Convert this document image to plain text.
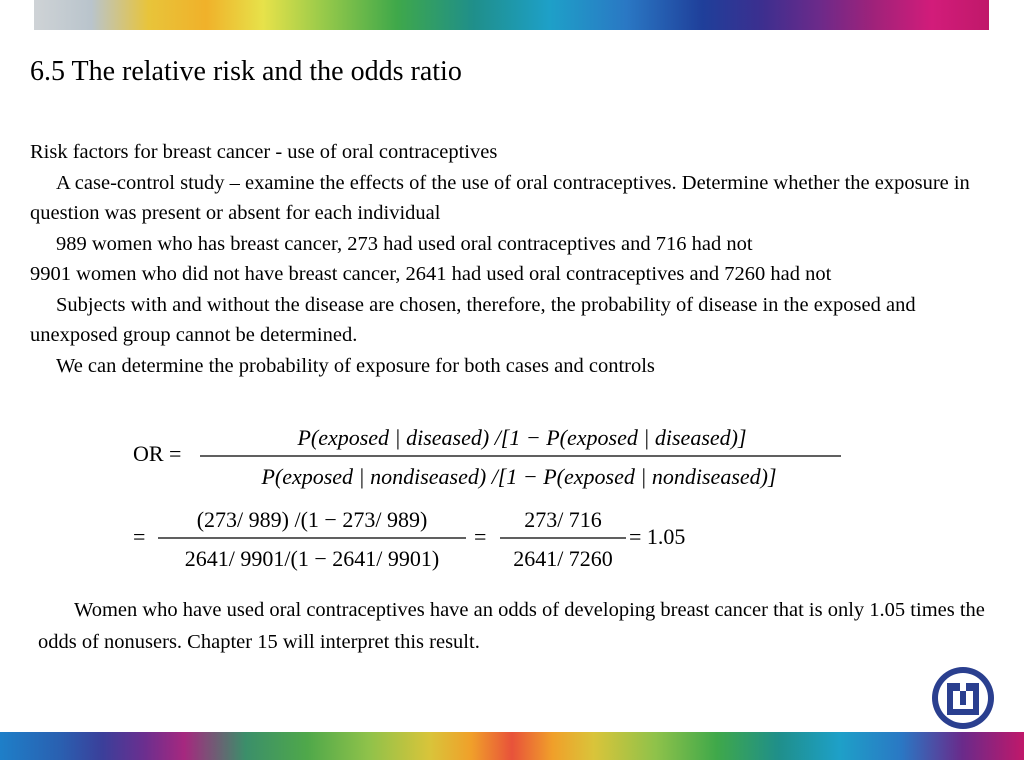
6.5 The relative risk and the odds ratio

Risk factors for breast cancer - use of oral contraceptives

A case-control study – examine the effects of the use of oral contraceptives. Determine whether the exposure in question was present or absent for each individual

989 women who has breast cancer, 273 had used oral contraceptives and 716 had not

9901 women who did not have breast cancer, 2641 had used oral contraceptives and 7260 had not

Subjects with and without the disease are chosen, therefore, the probability of disease in the exposed and unexposed group cannot be determined.

We can determine the probability of exposure for both cases and controls

OR =
P(exposed | diseased) /[1 − P(exposed | diseased)]
P(exposed | nondiseased) /[1 − P(exposed | nondiseased)]
=
(273/ 989) /(1 − 273/ 989)
2641/ 9901/(1 − 2641/ 9901)
=
273/ 716
2641/ 7260
= 1.05

Women who have used oral contraceptives have an odds of developing breast cancer that is only 1.05 times the odds of nonusers. Chapter 15 will interpret this result.
